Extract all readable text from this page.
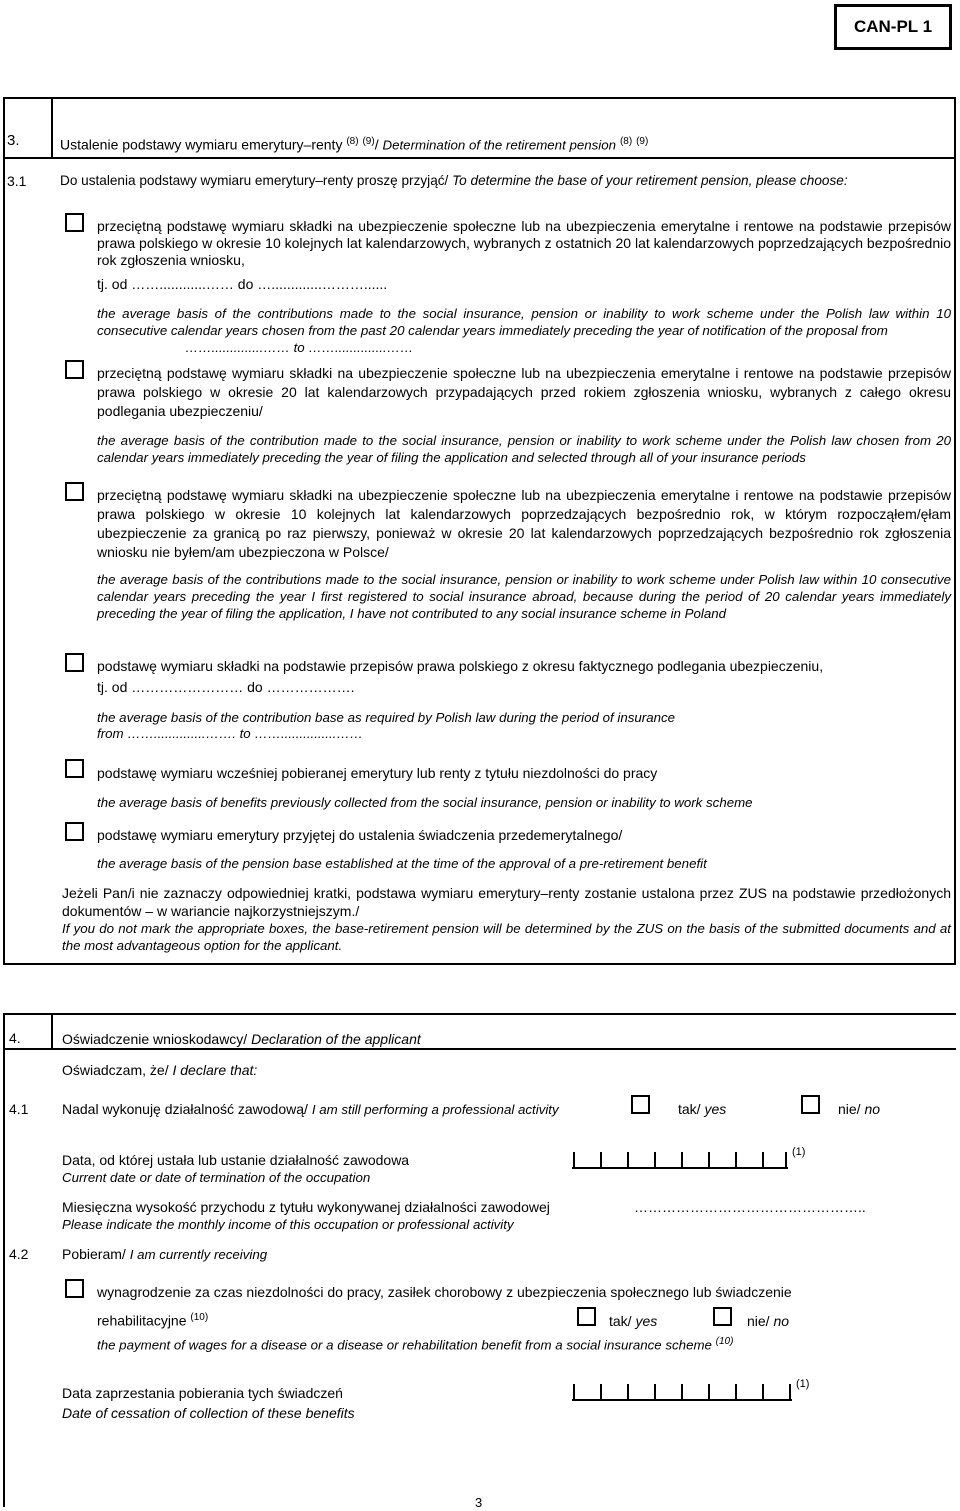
CAN-PL 1
3.	Ustalenie podstawy wymiaru emerytury–renty $^{(8)}$ $^{(9)}$/ Determination of the retirement pension $^{(8)}$ $^{(9)}$
3.1 Do ustalenia podstawy wymiaru emerytury–renty proszę przyjąć/ To determine the base of your retirement pension, please choose:
przeciętną podstawę wymiaru składki na ubezpieczenie społeczne lub na ubezpieczenia emerytalne i rentowe na podstawie przepisów prawa polskiego w okresie 10 kolejnych lat kalendarzowych, wybranych z ostatnich 20 lat kalendarzowych poprzedzających bezpośrednio rok zgłoszenia wniosku,
tj. od ……............…… do ….............………......
the average basis of the contributions made to the social insurance, pension or inability to work scheme under the Polish law within 10 consecutive calendar years chosen from the past 20 calendar years immediately preceding the year of notification of the proposal from
……..............…… to ……..............……
przeciętną podstawę wymiaru składki na ubezpieczenie społeczne lub na ubezpieczenia emerytalne i rentowe na podstawie przepisów prawa polskiego w okresie 20 lat kalendarzowych przypadających przed rokiem zgłoszenia wniosku, wybranych z całego okresu podlegania ubezpieczeniu/
the average basis of the contribution made to the social insurance, pension or inability to work scheme under the Polish law chosen from 20 calendar years immediately preceding the year of filing the application and selected through all of your insurance periods
przeciętną podstawę wymiaru składki na ubezpieczenie społeczne lub na ubezpieczenia emerytalne i rentowe na podstawie przepisów prawa polskiego w okresie 10 kolejnych lat kalendarzowych poprzedzających bezpośrednio rok, w którym rozpocząłem/ęłam ubezpieczenie za granicą po raz pierwszy, ponieważ w okresie 20 lat kalendarzowych poprzedzających bezpośrednio rok zgłoszenia wniosku nie byłem/am ubezpieczona w Polsce/
the average basis of the contributions made to the social insurance, pension or inability to work scheme under Polish law within 10 consecutive calendar years preceding the year I first registered to social insurance abroad, because during the period of 20 calendar years immediately preceding the year of filing the application, I have not contributed to any social insurance scheme in Poland
podstawę wymiaru składki na podstawie przepisów prawa polskiego z okresu faktycznego podlegania ubezpieczeniu,
tj. od …………………… do ……………….
the average basis of the contribution base as required by Polish law during the period of insurance
from ……..............……. to ……...............……
podstawę wymiaru wcześniej pobieranej emerytury lub renty z tytułu niezdolności do pracy
the average basis of benefits previously collected from the social insurance, pension or inability to work scheme
podstawę wymiaru emerytury przyjętej do ustalenia świadczenia przedemerytalnego/
the average basis of the pension base established at the time of the approval of a pre-retirement benefit
Jeżeli Pan/i nie zaznaczy odpowiedniej kratki, podstawa wymiaru emerytury–renty zostanie ustalona przez ZUS na podstawie przedłożonych dokumentów – w wariancie najkorzystniejszym./
If you do not mark the appropriate boxes, the base-retirement pension will be determined by the ZUS on the basis of the submitted documents and at the most advantageous option for the applicant.
4.	Oświadczenie wnioskodawcy/ Declaration of the applicant
Oświadczam, że/ I declare that:
4.1 Nadal wykonuję działalność zawodową/ I am still performing a professional activity	tak/ yes	nie/ no
Data, od której ustała lub ustanie działalność zawodowa
Current date or date of termination of the occupation
(1)
Miesięczna wysokość przychodu z tytułu wykonywanej działalności zawodowej
Please indicate the monthly income of this occupation or professional activity
…………………………………………..
4.2 Pobieram/ I am currently receiving
wynagrodzenie za czas niezdolności do pracy, zasiłek chorobowy z ubezpieczenia społecznego lub świadczenie
rehabilitacyjne $^{(10)}$	tak/ yes	nie/ no
the payment of wages for a disease or a disease or rehabilitation benefit from a social insurance scheme $^{(10)}$
Data zaprzestania pobierania tych świadczeń
Date of cessation of collection of these benefits
(1)
3
